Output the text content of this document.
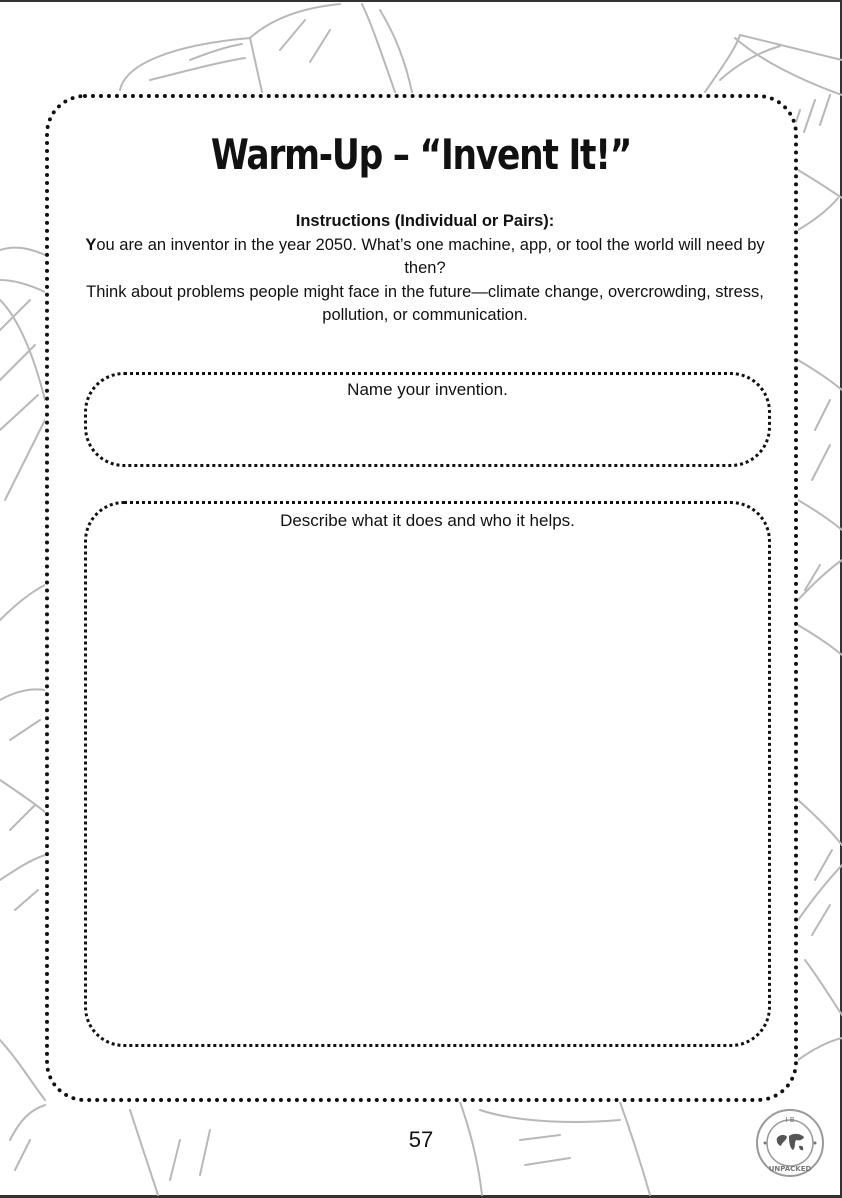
Warm-Up – “Invent It!”
Instructions (Individual or Pairs):
You are an inventor in the year 2050. What’s one machine, app, or tool the world will need by then?
Think about problems people might face in the future—climate change, overcrowding, stress, pollution, or communication.
Name your invention.
Describe what it does and who it helps.
57
I B
UNPACKED
